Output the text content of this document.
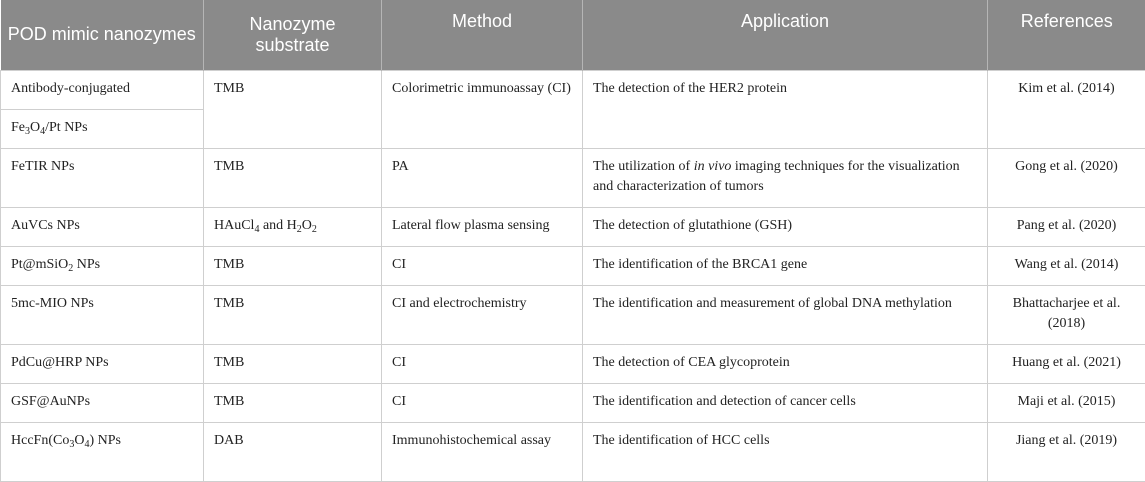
POD mimic nanozymes	Nanozyme substrate	Method	Application	References
Antibody-conjugated	TMB	Colorimetric immunoassay (CI)	The detection of the HER2 protein	Kim et al. (2014)
$Fe_3O_4/Pt$ NPs				
FeTIR NPs	TMB	PA	The utilization of in vivo imaging techniques for the visualization and characterization of tumors	Gong et al. (2020)
AuVCs NPs	HAuCl$_4$ and $H_2O_2$	Lateral flow plasma sensing	The detection of glutathione (GSH)	Pang et al. (2020)
Pt@mSiO$_2$ NPs	TMB	CI	The identification of the BRCA1 gene	Wang et al. (2014)
5mc-MIO NPs	TMB	CI and electrochemistry	The identification and measurement of global DNA methylation	Bhattacharjee et al. (2018)
PdCu@HRP NPs	TMB	CI	The detection of CEA glycoprotein	Huang et al. (2021)
GSF@AuNPs	TMB	CI	The identification and detection of cancer cells	Maji et al. (2015)
$HccFn(Co_3O_4)$ NPs	DAB	Immunohistochemical assay	The identification of HCC cells	Jiang et al. (2019)
